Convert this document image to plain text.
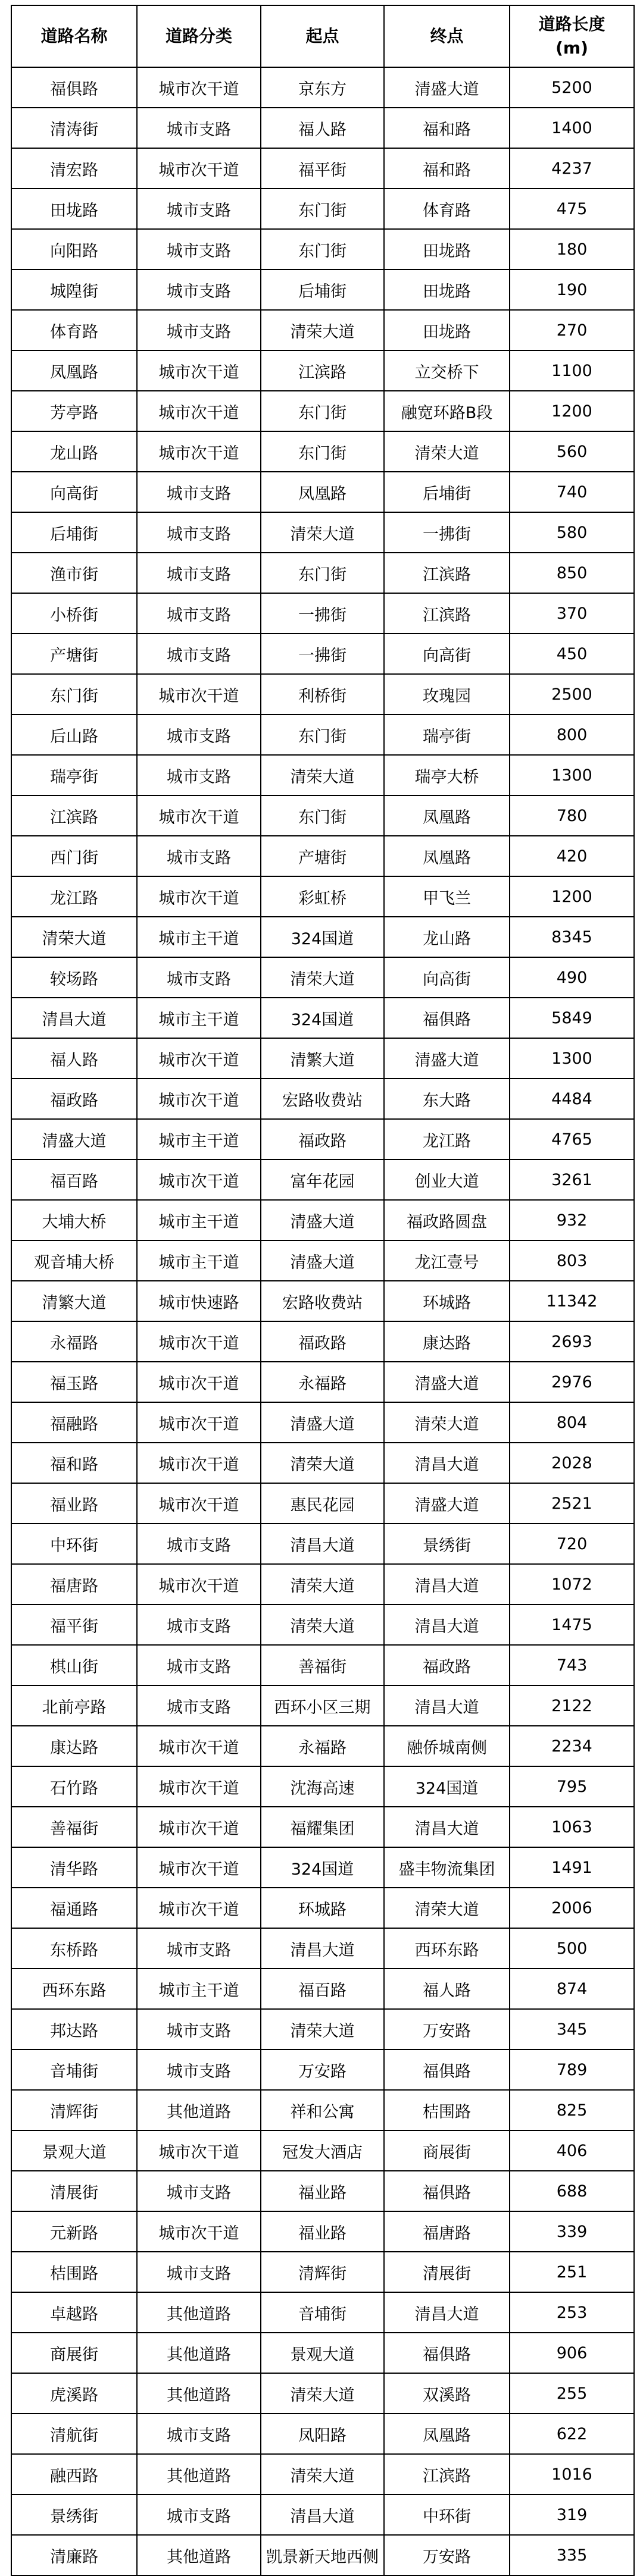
道路名称	道路分类	起点	终点	道路长度(m)
福俱路	城市次干道	京东方	清盛大道	5200
清涛街	城市支路	福人路	福和路	1400
清宏路	城市次干道	福平街	福和路	4237
田垅路	城市支路	东门街	体育路	475
向阳路	城市支路	东门街	田垅路	180
城隍街	城市支路	后埔街	田垅路	190
体育路	城市支路	清荣大道	田垅路	270
凤凰路	城市次干道	江滨路	立交桥下	1100
芳亭路	城市次干道	东门街	融宽环路B段	1200
龙山路	城市次干道	东门街	清荣大道	560
向高街	城市支路	凤凰路	后埔街	740
后埔街	城市支路	清荣大道	一拂街	580
渔市街	城市支路	东门街	江滨路	850
小桥街	城市支路	一拂街	江滨路	370
产塘街	城市支路	一拂街	向高街	450
东门街	城市次干道	利桥街	玫瑰园	2500
后山路	城市支路	东门街	瑞亭街	800
瑞亭街	城市支路	清荣大道	瑞亭大桥	1300
江滨路	城市次干道	东门街	凤凰路	780
西门街	城市支路	产塘街	凤凰路	420
龙江路	城市次干道	彩虹桥	甲飞兰	1200
清荣大道	城市主干道	324国道	龙山路	8345
较场路	城市支路	清荣大道	向高街	490
清昌大道	城市主干道	324国道	福俱路	5849
福人路	城市次干道	清繁大道	清盛大道	1300
福政路	城市次干道	宏路收费站	东大路	4484
清盛大道	城市主干道	福政路	龙江路	4765
福百路	城市次干道	富年花园	创业大道	3261
大埔大桥	城市主干道	清盛大道	福政路圆盘	932
观音埔大桥	城市主干道	清盛大道	龙江壹号	803
清繁大道	城市快速路	宏路收费站	环城路	11342
永福路	城市次干道	福政路	康达路	2693
福玉路	城市次干道	永福路	清盛大道	2976
福融路	城市次干道	清盛大道	清荣大道	804
福和路	城市次干道	清荣大道	清昌大道	2028
福业路	城市次干道	惠民花园	清盛大道	2521
中环街	城市支路	清昌大道	景绣街	720
福唐路	城市次干道	清荣大道	清昌大道	1072
福平街	城市支路	清荣大道	清昌大道	1475
棋山街	城市支路	善福街	福政路	743
北前亭路	城市支路	西环小区三期	清昌大道	2122
康达路	城市次干道	永福路	融侨城南侧	2234
石竹路	城市次干道	沈海高速	324国道	795
善福街	城市次干道	福耀集团	清昌大道	1063
清华路	城市次干道	324国道	盛丰物流集团	1491
福通路	城市次干道	环城路	清荣大道	2006
东桥路	城市支路	清昌大道	西环东路	500
西环东路	城市主干道	福百路	福人路	874
邦达路	城市支路	清荣大道	万安路	345
音埔街	城市支路	万安路	福俱路	789
清辉街	其他道路	祥和公寓	桔围路	825
景观大道	城市次干道	冠发大酒店	商展街	406
清展街	城市支路	福业路	福俱路	688
元新路	城市次干道	福业路	福唐路	339
桔围路	城市支路	清辉街	清展街	251
卓越路	其他道路	音埔街	清昌大道	253
商展街	其他道路	景观大道	福俱路	906
虎溪路	其他道路	清荣大道	双溪路	255
清航街	城市支路	凤阳路	凤凰路	622
融西路	其他道路	清荣大道	江滨路	1016
景绣街	城市支路	清昌大道	中环街	319
清廉路	其他道路	凯景新天地西侧	万安路	335
